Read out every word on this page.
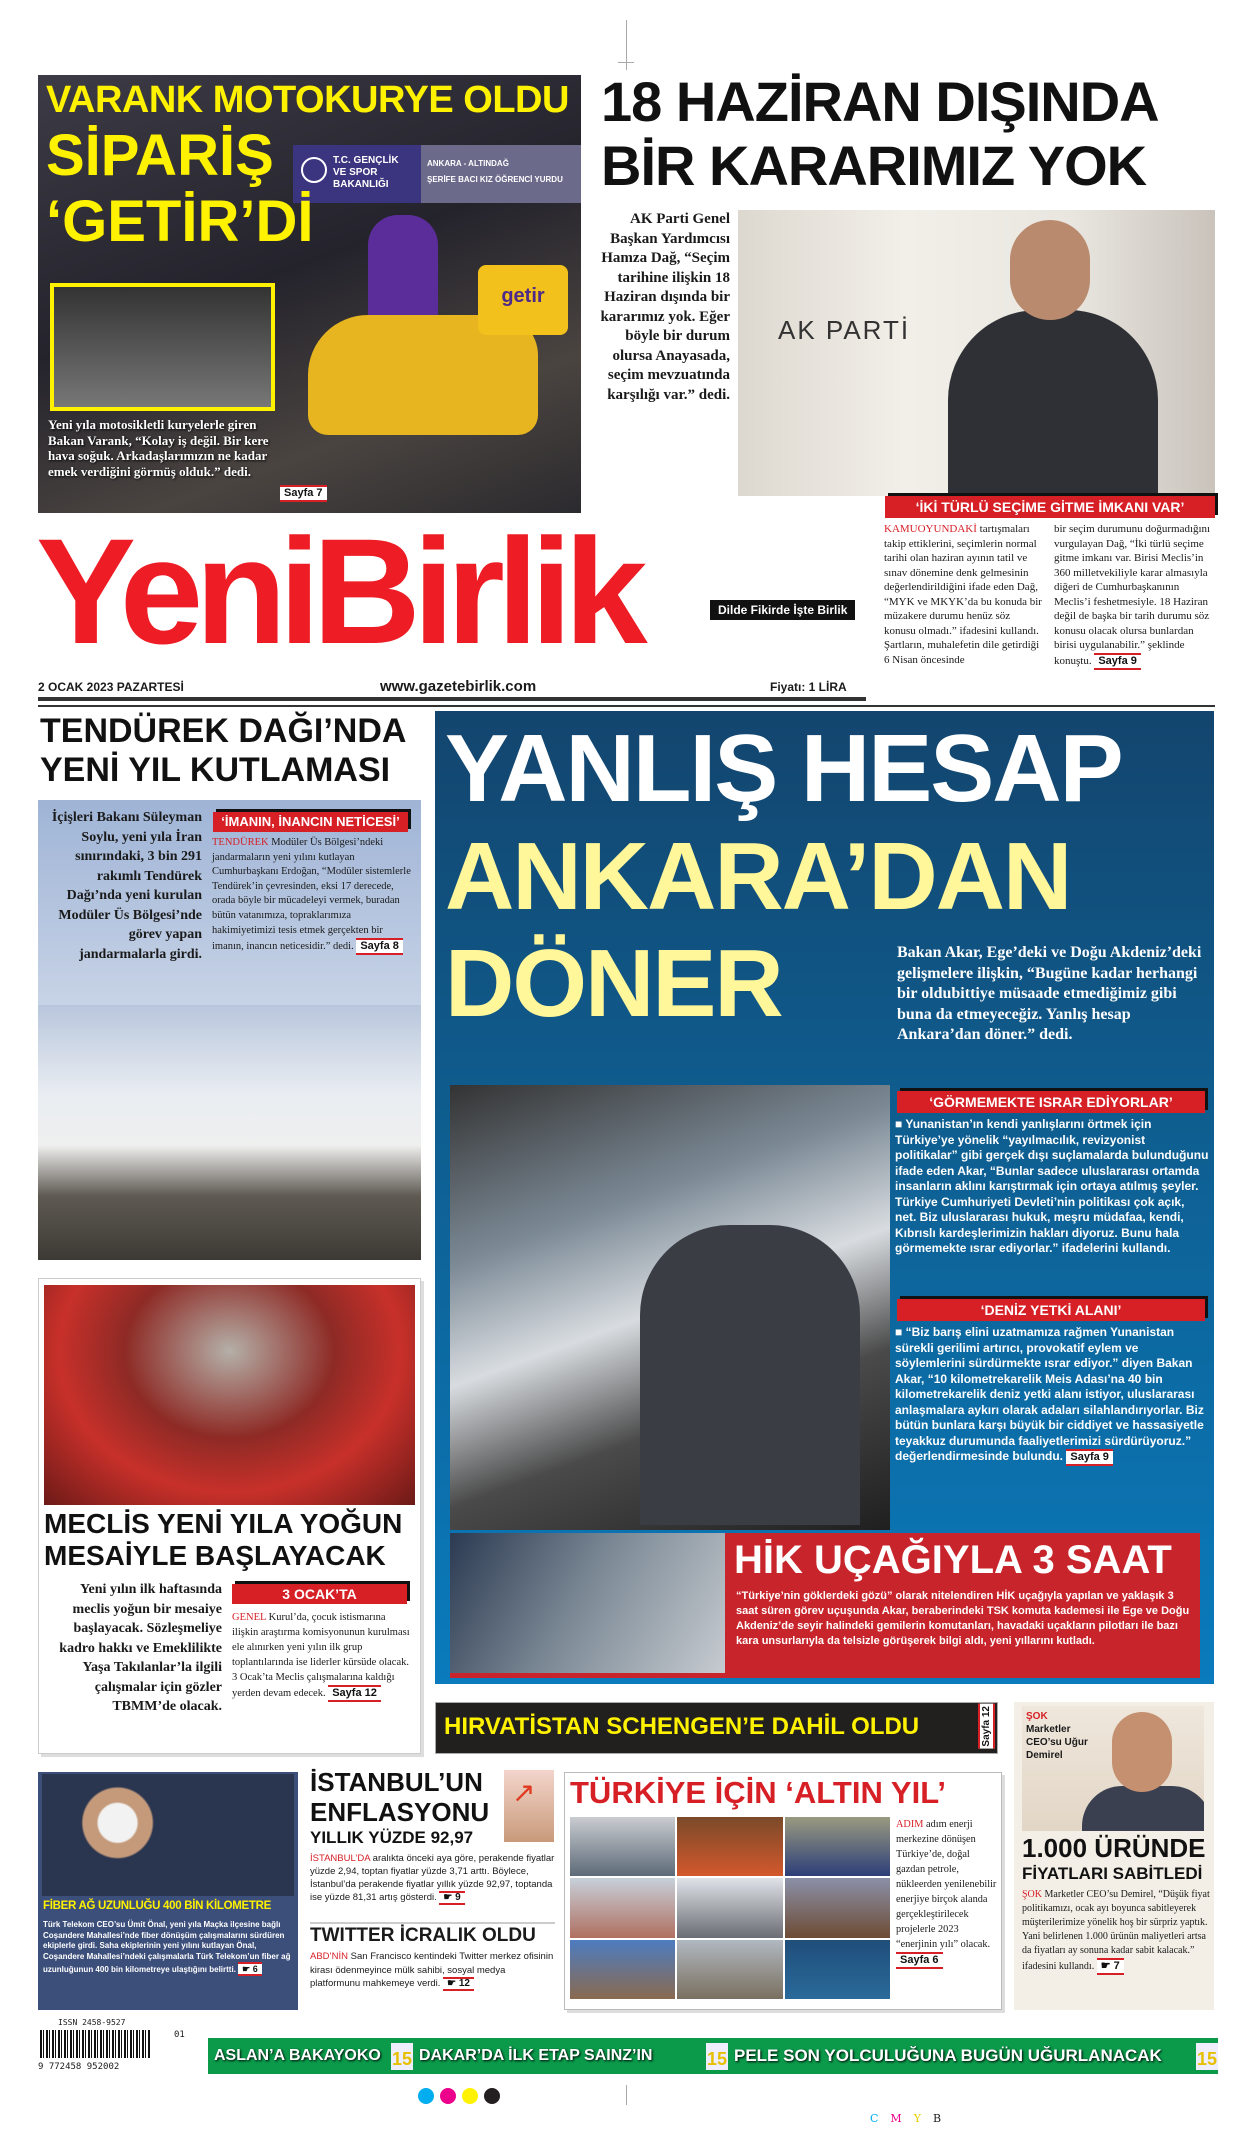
T.C. GENÇLİK VE SPOR BAKANLIĞI
ANKARA - ALTINDAĞ
ŞERİFE BACI KIZ ÖĞRENCİ YURDU
getir
VARANK MOTOKURYE OLDU
SİPARİŞ
‘GETİR’Dİ

Yeni yıla motosikletli kuryelerle giren Bakan Varank, “Kolay iş değil. Bir kere hava soğuk. Arkadaşlarımızın ne kadar emek verdiğini görmüş olduk.” dedi.

Sayfa 7
18 HAZİRAN DIŞINDA
BİR KARARIMIZ YOK

AK Parti Genel Başkan Yardımcısı Hamza Dağ, “Seçim tarihine ilişkin 18 Haziran dışında bir kararımız yok. Eğer böyle bir durum olursa Anayasada, seçim mevzuatında karşılığı var.” dedi.

AK PARTİ
‘İKİ TÜRLÜ SEÇİME GİTME İMKANI VAR’

KAMUOYUNDAKİ tartışmaları takip ettiklerini, seçimlerin normal tarihi olan haziran ayının tatil ve sınav dönemine denk gelmesinin değerlendirildiğini ifade eden Dağ, “MYK ve MKYK’da bu konuda bir müzakere durumu henüz söz konusu olmadı.” ifadesini kullandı. Şartların, muhalefetin dile getirdiği 6 Nisan öncesinde

bir seçim durumunu doğurmadığını vurgulayan Dağ, “İki türlü seçime gitme imkanı var. Birisi Meclis’in 360 milletvekiliyle karar almasıyla diğeri de Cumhurbaşkanının Meclis’i feshetmesiyle. 18 Haziran değil de başka bir tarih durumu söz konusu olacak olursa bunlardan birisi uygulanabilir.” şeklinde konuştu. Sayfa 9

YeniBirlik	Dilde Fikirde İşte Birlik
2 OCAK 2023 PAZARTESİ	www.gazetebirlik.com	Fiyatı: 1 LİRA
TENDÜREK DAĞI’NDA
YENİ YIL KUTLAMASI

İçişleri Bakanı Süleyman Soylu, yeni yıla İran sınırındaki, 3 bin 291 rakımlı Tendürek Dağı’nda yeni kurulan Modüler Üs Bölgesi’nde görev yapan jandarmalarla girdi.

‘İMANIN, İNANCIN NETİCESİ’

TENDÜREK Modüler Üs Bölgesi’ndeki jandarmaların yeni yılını kutlayan Cumhurbaşkanı Erdoğan, “Modüler sistemlerle Tendürek’in çevresinden, eksi 17 derecede, orada böyle bir mücadeleyi vermek, buradan bütün vatanımıza, topraklarımıza hakimiyetimizi tesis etmek gerçekten bir imanın, inancın neticesidir.” dedi. Sayfa 8

MECLİS YENİ YILA YOĞUN
MESAİYLE BAŞLAYACAK

Yeni yılın ilk haftasında meclis yoğun bir mesaiye başlayacak. Sözleşmeliye kadro hakkı ve Emeklilikte Yaşa Takılanlar’la ilgili çalışmalar için gözler TBMM’de olacak.

3 OCAK’TA

GENEL Kurul’da, çocuk istismarına ilişkin araştırma komisyonunun kurulması ele alınırken yeni yılın ilk grup toplantılarında ise liderler kürsüde olacak. 3 Ocak’ta Meclis çalışmalarına kaldığı yerden devam edecek. Sayfa 12

YANLIŞ HESAP
ANKARA’DAN
DÖNER	Bakan Akar, Ege’deki ve Doğu Akdeniz’deki gelişmelere ilişkin, “Bugüne kadar herhangi bir oldubittiye müsaade etmediğimiz gibi buna da etmeyeceğiz. Yanlış hesap Ankara’dan döner.” dedi.

‘GÖRMEMEKTE ISRAR EDİYORLAR’

■ Yunanistan’ın kendi yanlışlarını örtmek için Türkiye’ye yönelik “yayılmacılık, revizyonist politikalar” gibi gerçek dışı suçlamalarda bulunduğunu ifade eden Akar, “Bunlar sadece uluslararası ortamda insanların aklını karıştırmak için ortaya atılmış şeyler. Türkiye Cumhuriyeti Devleti’nin politikası çok açık, net. Biz uluslararası hukuk, meşru müdafaa, kendi, Kıbrıslı kardeşlerimizin hakları diyoruz. Bunu hala görmemekte ısrar ediyorlar.” ifadelerini kullandı.

‘DENİZ YETKİ ALANI’

■ “Biz barış elini uzatmamıza rağmen Yunanistan sürekli gerilimi artırıcı, provokatif eylem ve söylemlerini sürdürmekte ısrar ediyor.” diyen Bakan Akar, “10 kilometrekarelik Meis Adası’na 40 bin kilometrekarelik deniz yetki alanı istiyor, uluslararası anlaşmalara aykırı olarak adaları silahlandırıyorlar. Biz bütün bunlara karşı büyük bir ciddiyet ve hassasiyetle teyakkuz durumunda faaliyetlerimizi sürdürüyoruz.” değerlendirmesinde bulundu. Sayfa 9

HİK UÇAĞIYLA 3 SAAT

“Türkiye’nin göklerdeki gözü” olarak nitelendiren HİK uçağıyla yapılan ve yaklaşık 3 saat süren görev uçuşunda Akar, beraberindeki TSK komuta kademesi ile Ege ve Doğu Akdeniz’de seyir halindeki gemilerin komutanları, havadaki uçakların pilotları ile bazı kara unsurlarıyla da telsizle görüşerek bilgi aldı, yeni yıllarını kutladı.

HIRVATİSTAN SCHENGEN’E DAHİL OLDU	Sayfa 12	ŞOK
Marketler CEO’su Uğur Demirel

1.000 ÜRÜNDE
FİYATLARI SABİTLEDİ

ŞOK Marketler CEO’su Demirel, “Düşük fiyat politikamızı, ocak ayı boyunca sabitleyerek müşterilerimize yönelik hoş bir sürpriz yaptık. Yani belirlenen 1.000 ürünün maliyetleri artsa da fiyatları ay sonuna kadar sabit kalacak.” ifadesini kullandı. ☛ 7

FİBER AĞ UZUNLUĞU 400 BİN KİLOMETRE

Türk Telekom CEO’su Ümit Önal, yeni yıla Maçka ilçesine bağlı Coşandere Mahallesi’nde fiber dönüşüm çalışmalarını sürdüren ekiplerle girdi. Saha ekiplerinin yeni yılını kutlayan Önal, Coşandere Mahallesi’ndeki çalışmalarla Türk Telekom’un fiber ağ uzunluğunun 400 bin kilometreye ulaştığını belirtti. ☛ 6

İSTANBUL’UN
ENFLASYONU
YILLIK YÜZDE 92,97
↗

İSTANBUL’DA aralıkta önceki aya göre, perakende fiyatlar yüzde 2,94, toptan fiyatlar yüzde 3,71 arttı. Böylece, İstanbul’da perakende fiyatlar yıllık yüzde 92,97, toptanda ise yüzde 81,31 artış gösterdi. ☛ 9

TWITTER İCRALIK OLDU

ABD’NİN San Francisco kentindeki Twitter merkez ofisinin kirası ödenmeyince mülk sahibi, sosyal medya platformunu mahkemeye verdi. ☛ 12

TÜRKİYE İÇİN ‘ALTIN YIL’

ADIM adım enerji merkezine dönüşen Türkiye’de, doğal gazdan petrole, nükleerden yenilenebilir enerjiye birçok alanda gerçekleştirilecek projelerle 2023 “enerjinin yılı” olacak. Sayfa 6

ISSN 2458-9527
01
9 772458 952002
ASLAN’A BAKAYOKO 15 DAKAR’DA İLK ETAP SAINZ’IN	15 PELE SON YOLCULUĞUNA BUGÜN UĞURLANACAK 15
C M Y B
